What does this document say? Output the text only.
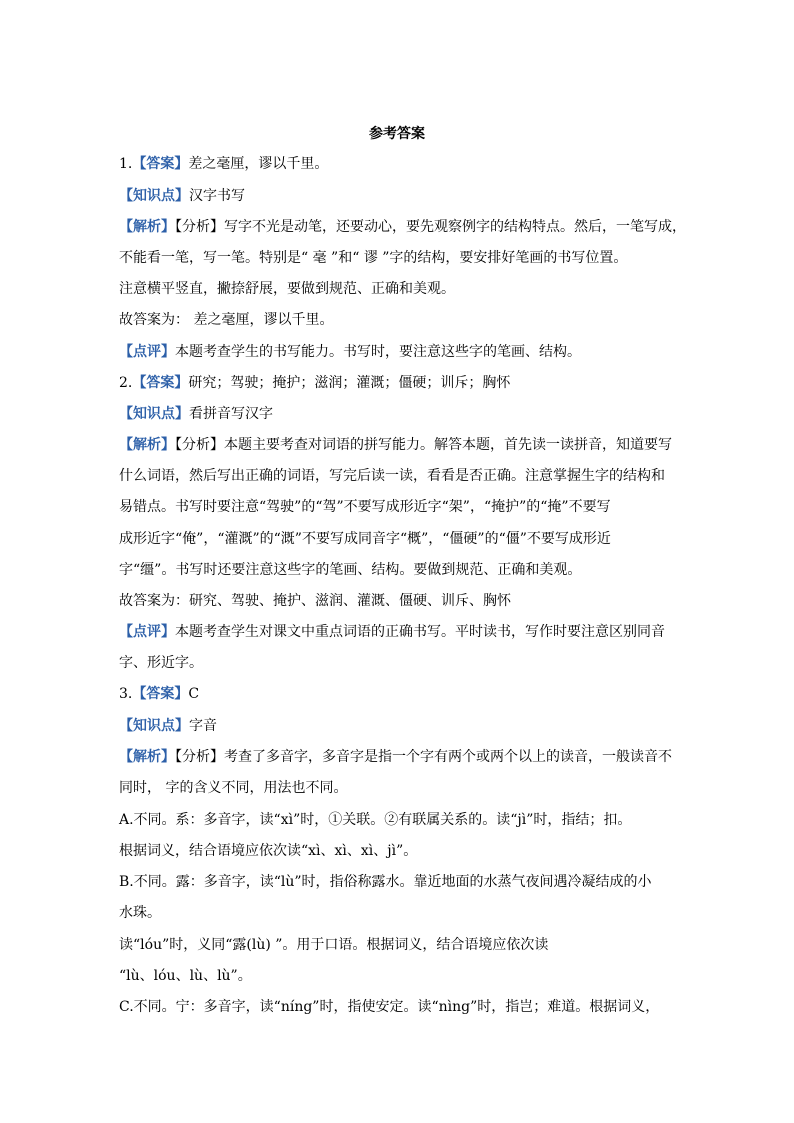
参考答案
1.【答案】差之毫厘，谬以千里。
【知识点】汉字书写
【解析】【分析】写字不光是动笔，还要动心，要先观察例字的结构特点。然后，一笔写成，
不能看一笔，写一笔。特别是“ 毫 ”和“ 谬 ”字的结构，要安排好笔画的书写位置。
注意横平竖直，撇捺舒展，要做到规范、正确和美观。
故答案为： 差之毫厘，谬以千里。
【点评】本题考查学生的书写能力。书写时，要注意这些字的笔画、结构。
2.【答案】研究；驾驶；掩护；滋润；灌溉；僵硬；训斥；胸怀
【知识点】看拼音写汉字
【解析】【分析】本题主要考查对词语的拼写能力。解答本题，首先读一读拼音，知道要写
什么词语，然后写出正确的词语，写完后读一读，看看是否正确。注意掌握生字的结构和
易错点。书写时要注意“驾驶”的“驾”不要写成形近字“架”，“掩护”的“掩”不要写
成形近字“俺”，“灌溉”的“溉”不要写成同音字“概”，“僵硬”的“僵”不要写成形近
字“缰”。书写时还要注意这些字的笔画、结构。要做到规范、正确和美观。
故答案为：研究、驾驶、掩护、滋润、灌溉、僵硬、训斥、胸怀
【点评】本题考查学生对课文中重点词语的正确书写。平时读书，写作时要注意区别同音
字、形近字。
3.【答案】C
【知识点】字音
【解析】【分析】考查了多音字，多音字是指一个字有两个或两个以上的读音，一般读音不
同时， 字的含义不同，用法也不同。
A.不同。系：多音字，读“xì”时，①关联。②有联属关系的。读“jì”时，指结；扣。
根据词义，结合语境应依次读“xì、xì、xì、jì”。
B.不同。露：多音字，读“lù”时，指俗称露水。靠近地面的水蒸气夜间遇冷凝结成的小
水珠。
读“lóu”时，义同“露(lù) ”。用于口语。根据词义，结合语境应依次读
“lù、lóu、lù、lù”。
C.不同。宁：多音字，读“níng”时，指使安定。读“nìng”时，指岂；难道。根据词义，
